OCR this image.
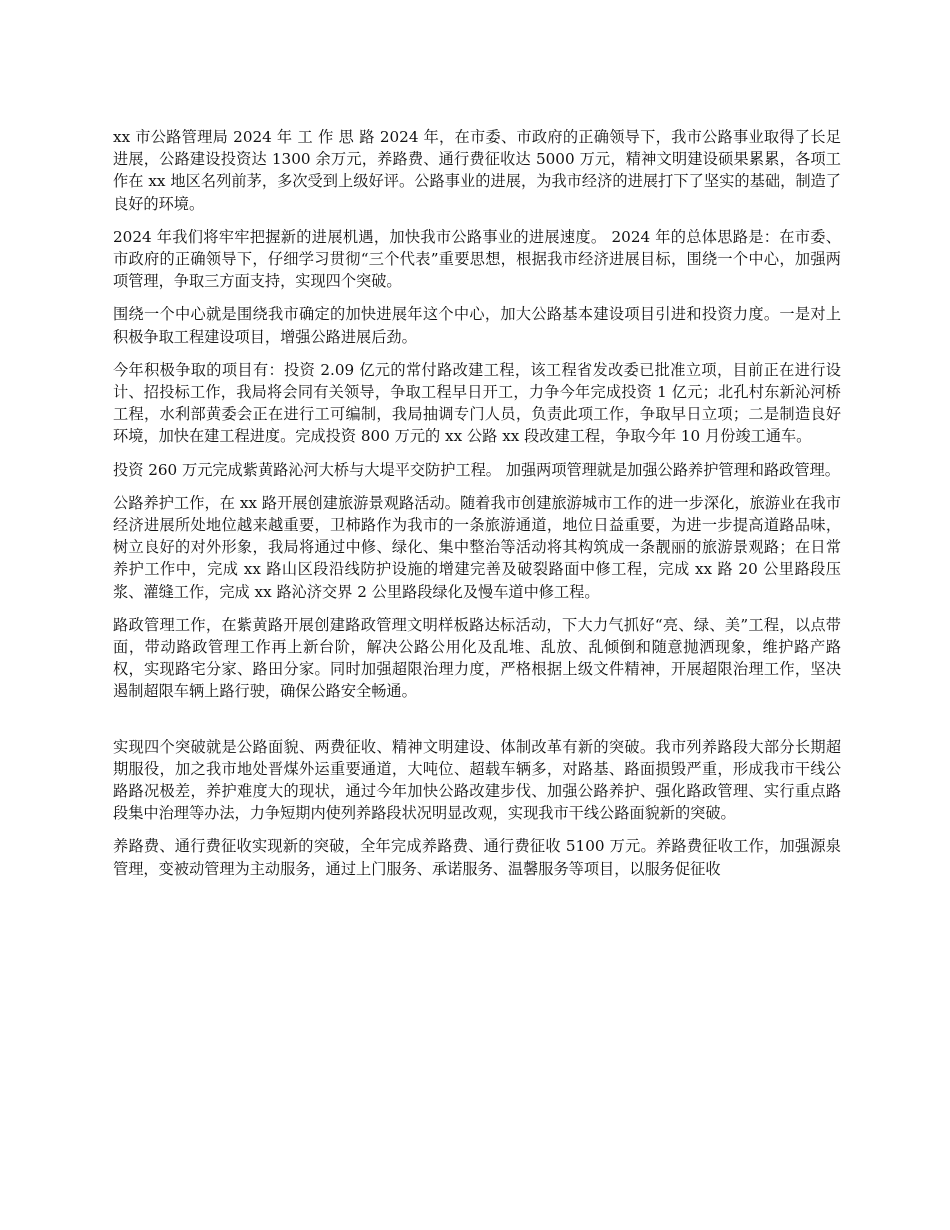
xx 市公路管理局 2024 年 工 作 思 路 2024 年，在市委、市政府的正确领导下，我市公路事业取得了长足进展，公路建设投资达 1300 余万元，养路费、通行费征收达 5000 万元，精神文明建设硕果累累，各项工作在 xx 地区名列前茅，多次受到上级好评。公路事业的进展，为我市经济的进展打下了坚实的基础，制造了良好的环境。

2024 年我们将牢牢把握新的进展机遇，加快我市公路事业的进展速度。 2024 年的总体思路是：在市委、市政府的正确领导下，仔细学习贯彻“三个代表”重要思想，根据我市经济进展目标，围绕一个中心，加强两项管理，争取三方面支持，实现四个突破。

围绕一个中心就是围绕我市确定的加快进展年这个中心，加大公路基本建设项目引进和投资力度。一是对上积极争取工程建设项目，增强公路进展后劲。

今年积极争取的项目有：投资 2.09 亿元的常付路改建工程，该工程省发改委已批准立项，目前正在进行设计、招投标工作，我局将会同有关领导，争取工程早日开工，力争今年完成投资 1 亿元；北孔村东新沁河桥工程，水利部黄委会正在进行工可编制，我局抽调专门人员，负责此项工作，争取早日立项；二是制造良好环境，加快在建工程进度。完成投资 800 万元的 xx 公路 xx 段改建工程，争取今年 10 月份竣工通车。

投资 260 万元完成紫黄路沁河大桥与大堤平交防护工程。 加强两项管理就是加强公路养护管理和路政管理。

公路养护工作，在 xx 路开展创建旅游景观路活动。随着我市创建旅游城市工作的进一步深化，旅游业在我市经济进展所处地位越来越重要，卫柿路作为我市的一条旅游通道，地位日益重要，为进一步提高道路品味，树立良好的对外形象，我局将通过中修、绿化、集中整治等活动将其构筑成一条靓丽的旅游景观路；在日常养护工作中，完成 xx 路山区段沿线防护设施的增建完善及破裂路面中修工程，完成 xx 路 20 公里路段压浆、灌缝工作，完成 xx 路沁济交界 2 公里路段绿化及慢车道中修工程。

路政管理工作，在紫黄路开展创建路政管理文明样板路达标活动，下大力气抓好“亮、绿、美”工程，以点带面，带动路政管理工作再上新台阶，解决公路公用化及乱堆、乱放、乱倾倒和随意抛洒现象，维护路产路权，实现路宅分家、路田分家。同时加强超限治理力度，严格根据上级文件精神，开展超限治理工作，坚决遏制超限车辆上路行驶，确保公路安全畅通。

实现四个突破就是公路面貌、两费征收、精神文明建设、体制改革有新的突破。我市列养路段大部分长期超期服役，加之我市地处晋煤外运重要通道，大吨位、超载车辆多，对路基、路面损毁严重，形成我市干线公路路况极差，养护难度大的现状，通过今年加快公路改建步伐、加强公路养护、强化路政管理、实行重点路段集中治理等办法，力争短期内使列养路段状况明显改观，实现我市干线公路面貌新的突破。

养路费、通行费征收实现新的突破，全年完成养路费、通行费征收 5100 万元。养路费征收工作，加强源泉管理，变被动管理为主动服务，通过上门服务、承诺服务、温馨服务等项目，以服务促征收
